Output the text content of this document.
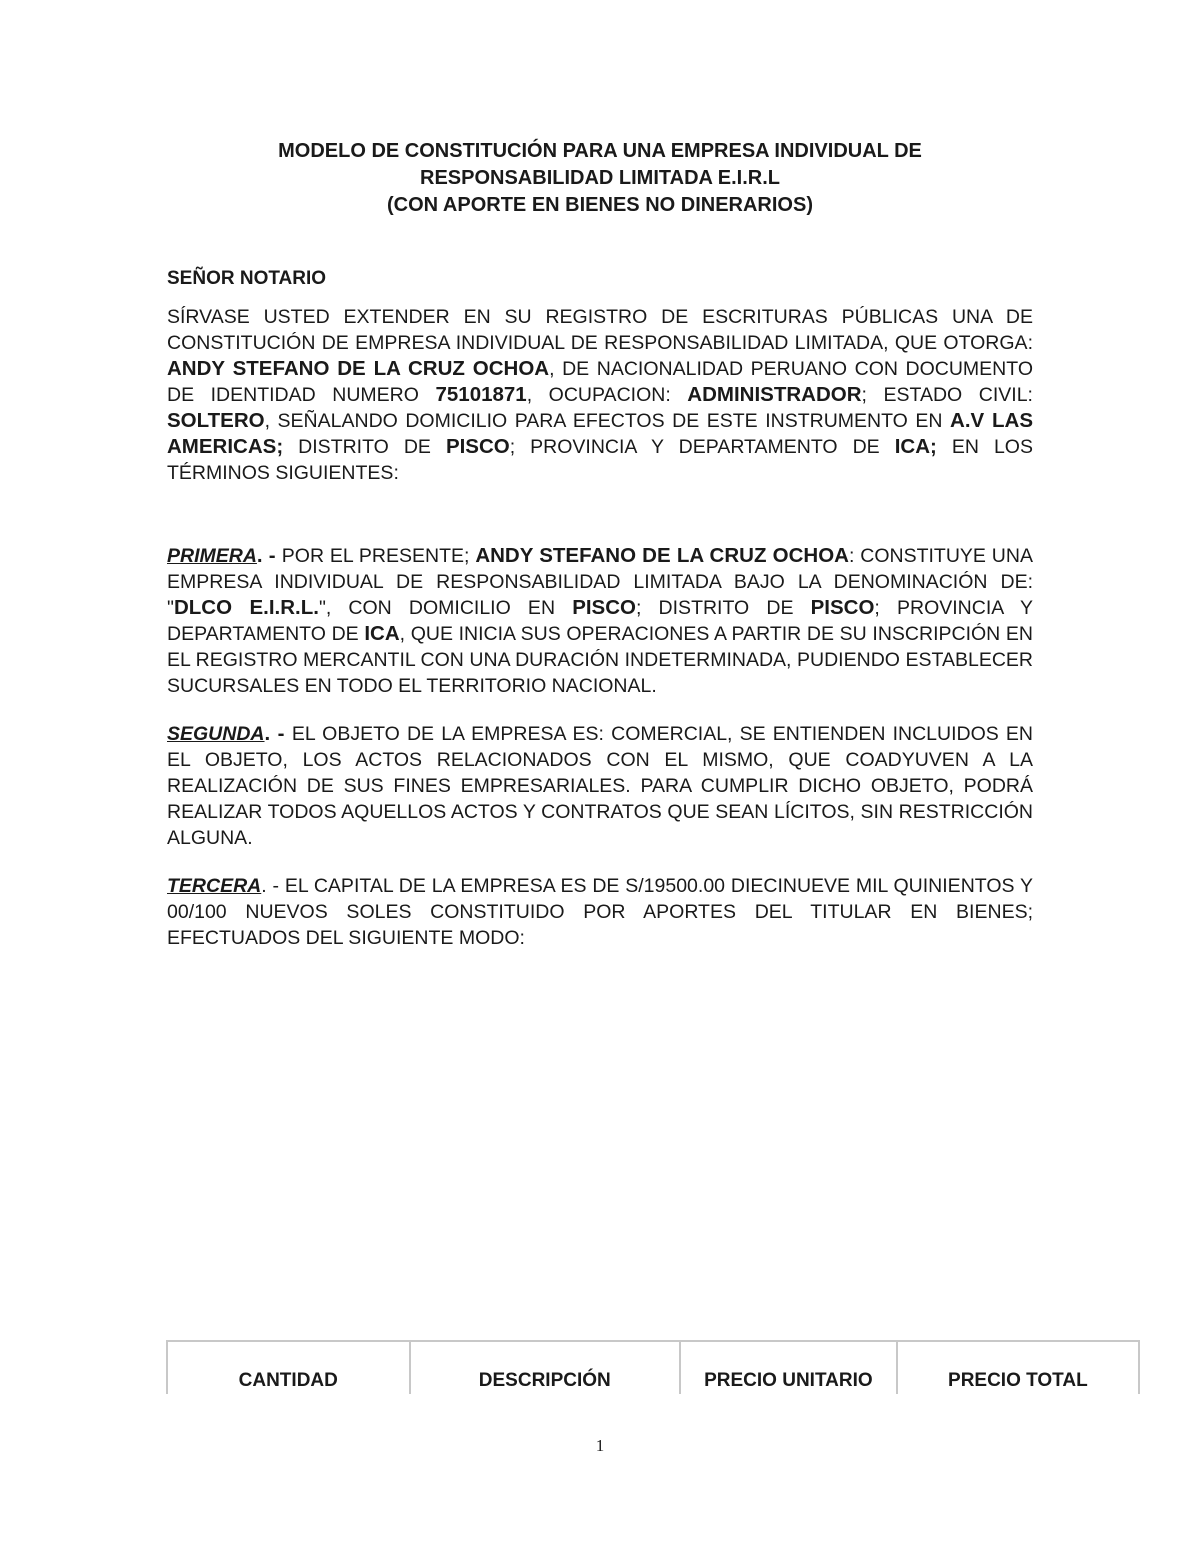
MODELO DE CONSTITUCIÓN PARA UNA EMPRESA INDIVIDUAL DE
RESPONSABILIDAD LIMITADA E.I.R.L
(CON APORTE EN BIENES NO DINERARIOS)
SEÑOR NOTARIO

SÍRVASE USTED EXTENDER EN SU REGISTRO DE ESCRITURAS PÚBLICAS UNA DE CONSTITUCIÓN DE EMPRESA INDIVIDUAL DE RESPONSABILIDAD LIMITADA, QUE OTORGA: ANDY STEFANO DE LA CRUZ OCHOA, DE NACIONALIDAD PERUANO CON DOCUMENTO DE IDENTIDAD NUMERO 75101871, OCUPACION: ADMINISTRADOR; ESTADO CIVIL: SOLTERO, SEÑALANDO DOMICILIO PARA EFECTOS DE ESTE INSTRUMENTO EN A.V LAS AMERICAS; DISTRITO DE PISCO; PROVINCIA Y DEPARTAMENTO DE ICA; EN LOS TÉRMINOS SIGUIENTES:

PRIMERA. - POR EL PRESENTE; ANDY STEFANO DE LA CRUZ OCHOA: CONSTITUYE UNA EMPRESA INDIVIDUAL DE RESPONSABILIDAD LIMITADA BAJO LA DENOMINACIÓN DE: "DLCO E.I.R.L.", CON DOMICILIO EN PISCO; DISTRITO DE PISCO; PROVINCIA Y DEPARTAMENTO DE ICA, QUE INICIA SUS OPERACIONES A PARTIR DE SU INSCRIPCIÓN EN EL REGISTRO MERCANTIL CON UNA DURACIÓN INDETERMINADA, PUDIENDO ESTABLECER SUCURSALES EN TODO EL TERRITORIO NACIONAL.

SEGUNDA. - EL OBJETO DE LA EMPRESA ES: COMERCIAL, SE ENTIENDEN INCLUIDOS EN EL OBJETO, LOS ACTOS RELACIONADOS CON EL MISMO, QUE COADYUVEN A LA REALIZACIÓN DE SUS FINES EMPRESARIALES. PARA CUMPLIR DICHO OBJETO, PODRÁ REALIZAR TODOS AQUELLOS ACTOS Y CONTRATOS QUE SEAN LÍCITOS, SIN RESTRICCIÓN ALGUNA.

TERCERA. - EL CAPITAL DE LA EMPRESA ES DE S/19500.00 DIECINUEVE MIL QUINIENTOS Y 00/100 NUEVOS SOLES CONSTITUIDO POR APORTES DEL TITULAR EN BIENES; EFECTUADOS DEL SIGUIENTE MODO:

CANTIDAD	DESCRIPCIÓN	PRECIO UNITARIO	PRECIO TOTAL
1
